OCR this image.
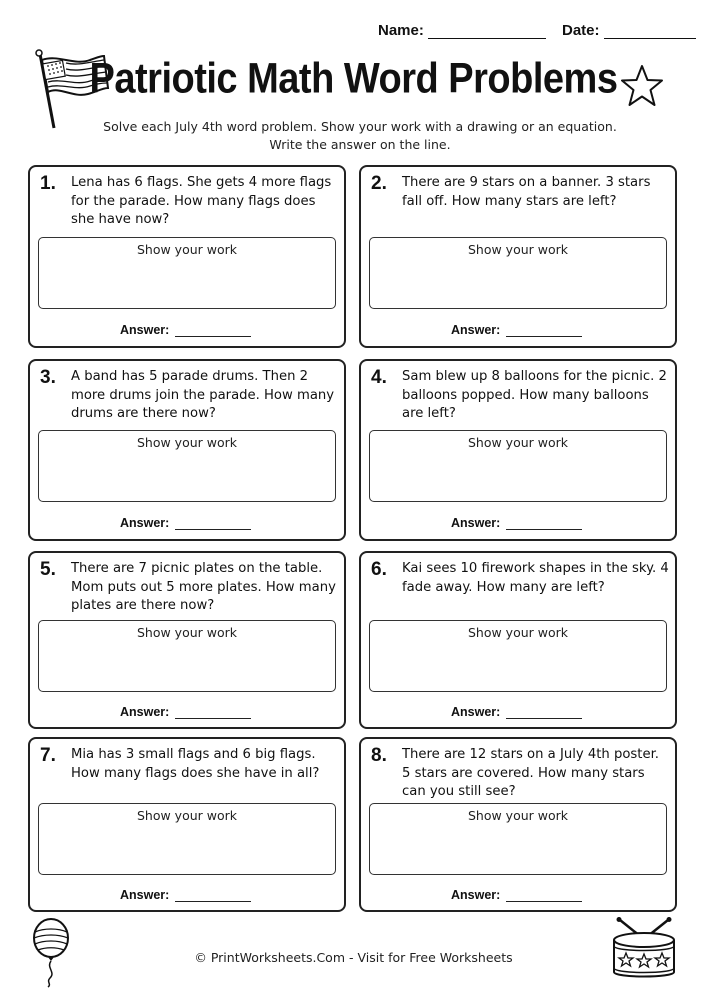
Name:	Date:
Patriotic Math Word Problems
Solve each July 4th word problem. Show your work with a drawing or an equation.
Write the answer on the line.
1. Lena has 6 flags. She gets 4 more flags for the parade. How many flags does she have now?
Show your work
Answer:
2. There are 9 stars on a banner. 3 stars fall off. How many stars are left?
Show your work
Answer:
3. A band has 5 parade drums. Then 2 more drums join the parade. How many drums are there now?
Show your work
Answer:
4. Sam blew up 8 balloons for the picnic. 2 balloons popped. How many balloons are left?
Show your work
Answer:
5. There are 7 picnic plates on the table. Mom puts out 5 more plates. How many plates are there now?
Show your work
Answer:
6. Kai sees 10 firework shapes in the sky. 4 fade away. How many are left?
Show your work
Answer:
7. Mia has 3 small flags and 6 big flags. How many flags does she have in all?
Show your work
Answer:
8. There are 12 stars on a July 4th poster. 5 stars are covered. How many stars can you still see?
Show your work
Answer:
© PrintWorksheets.Com - Visit for Free Worksheets
